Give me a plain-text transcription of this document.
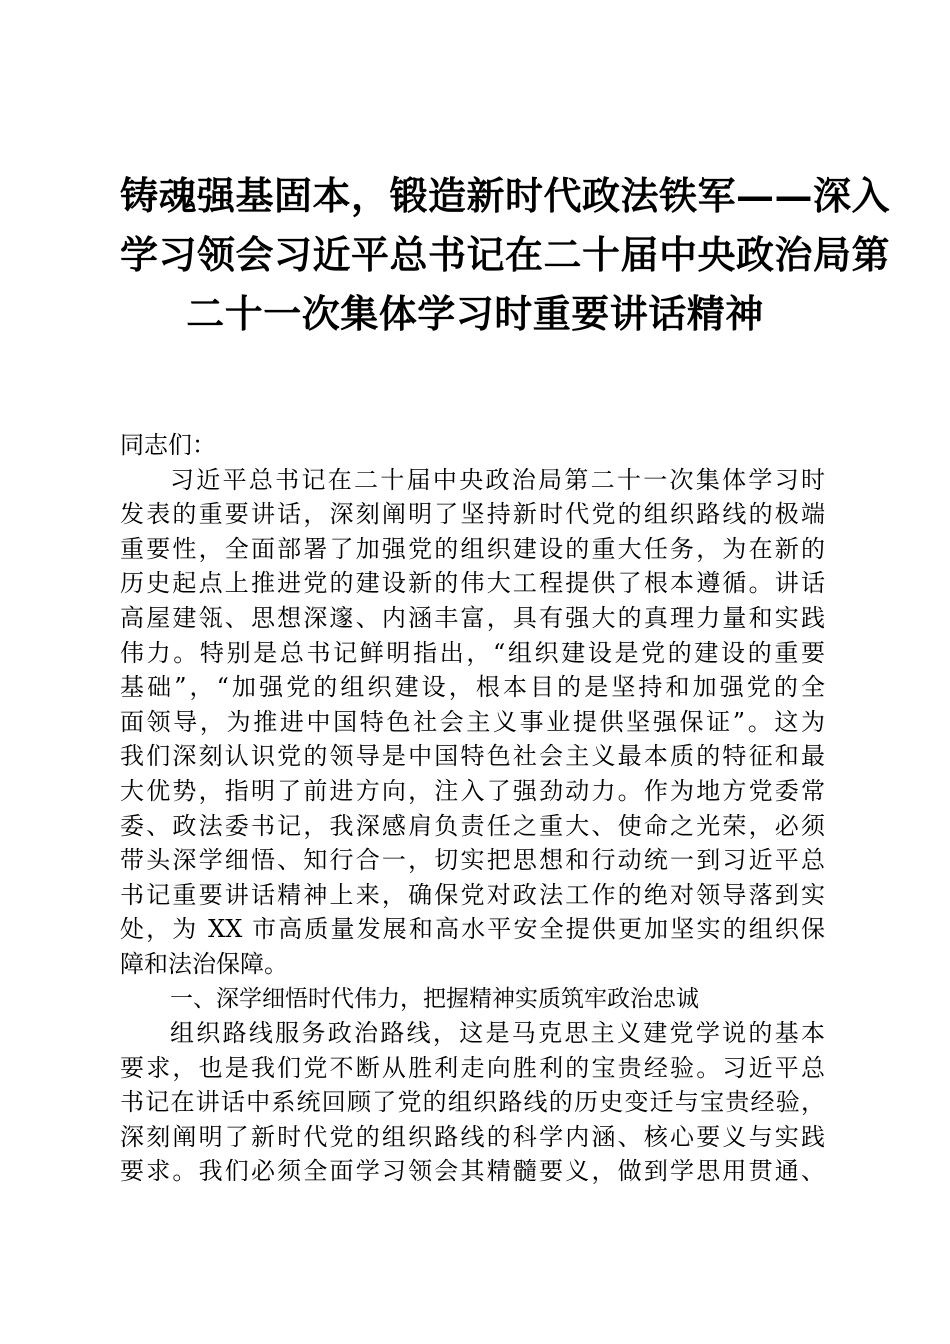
铸魂强基固本，锻造新时代政法铁军——深入
学习领会习近平总书记在二十届中央政治局第
二十一次集体学习时重要讲话精神
同志们：
习近平总书记在二十届中央政治局第二十一次集体学习时
发表的重要讲话，深刻阐明了坚持新时代党的组织路线的极端
重要性，全面部署了加强党的组织建设的重大任务，为在新的
历史起点上推进党的建设新的伟大工程提供了根本遵循。讲话
高屋建瓴、思想深邃、内涵丰富，具有强大的真理力量和实践
伟力。特别是总书记鲜明指出，“组织建设是党的建设的重要
基础”，“加强党的组织建设，根本目的是坚持和加强党的全
面领导，为推进中国特色社会主义事业提供坚强保证”。这为
我们深刻认识党的领导是中国特色社会主义最本质的特征和最
大优势，指明了前进方向，注入了强劲动力。作为地方党委常
委、政法委书记，我深感肩负责任之重大、使命之光荣，必须
带头深学细悟、知行合一，切实把思想和行动统一到习近平总
书记重要讲话精神上来，确保党对政法工作的绝对领导落到实
处，为 XX 市高质量发展和高水平安全提供更加坚实的组织保
障和法治保障。
一、深学细悟时代伟力，把握精神实质筑牢政治忠诚
组织路线服务政治路线，这是马克思主义建党学说的基本
要求，也是我们党不断从胜利走向胜利的宝贵经验。习近平总
书记在讲话中系统回顾了党的组织路线的历史变迁与宝贵经验，
深刻阐明了新时代党的组织路线的科学内涵、核心要义与实践
要求。我们必须全面学习领会其精髓要义，做到学思用贯通、
